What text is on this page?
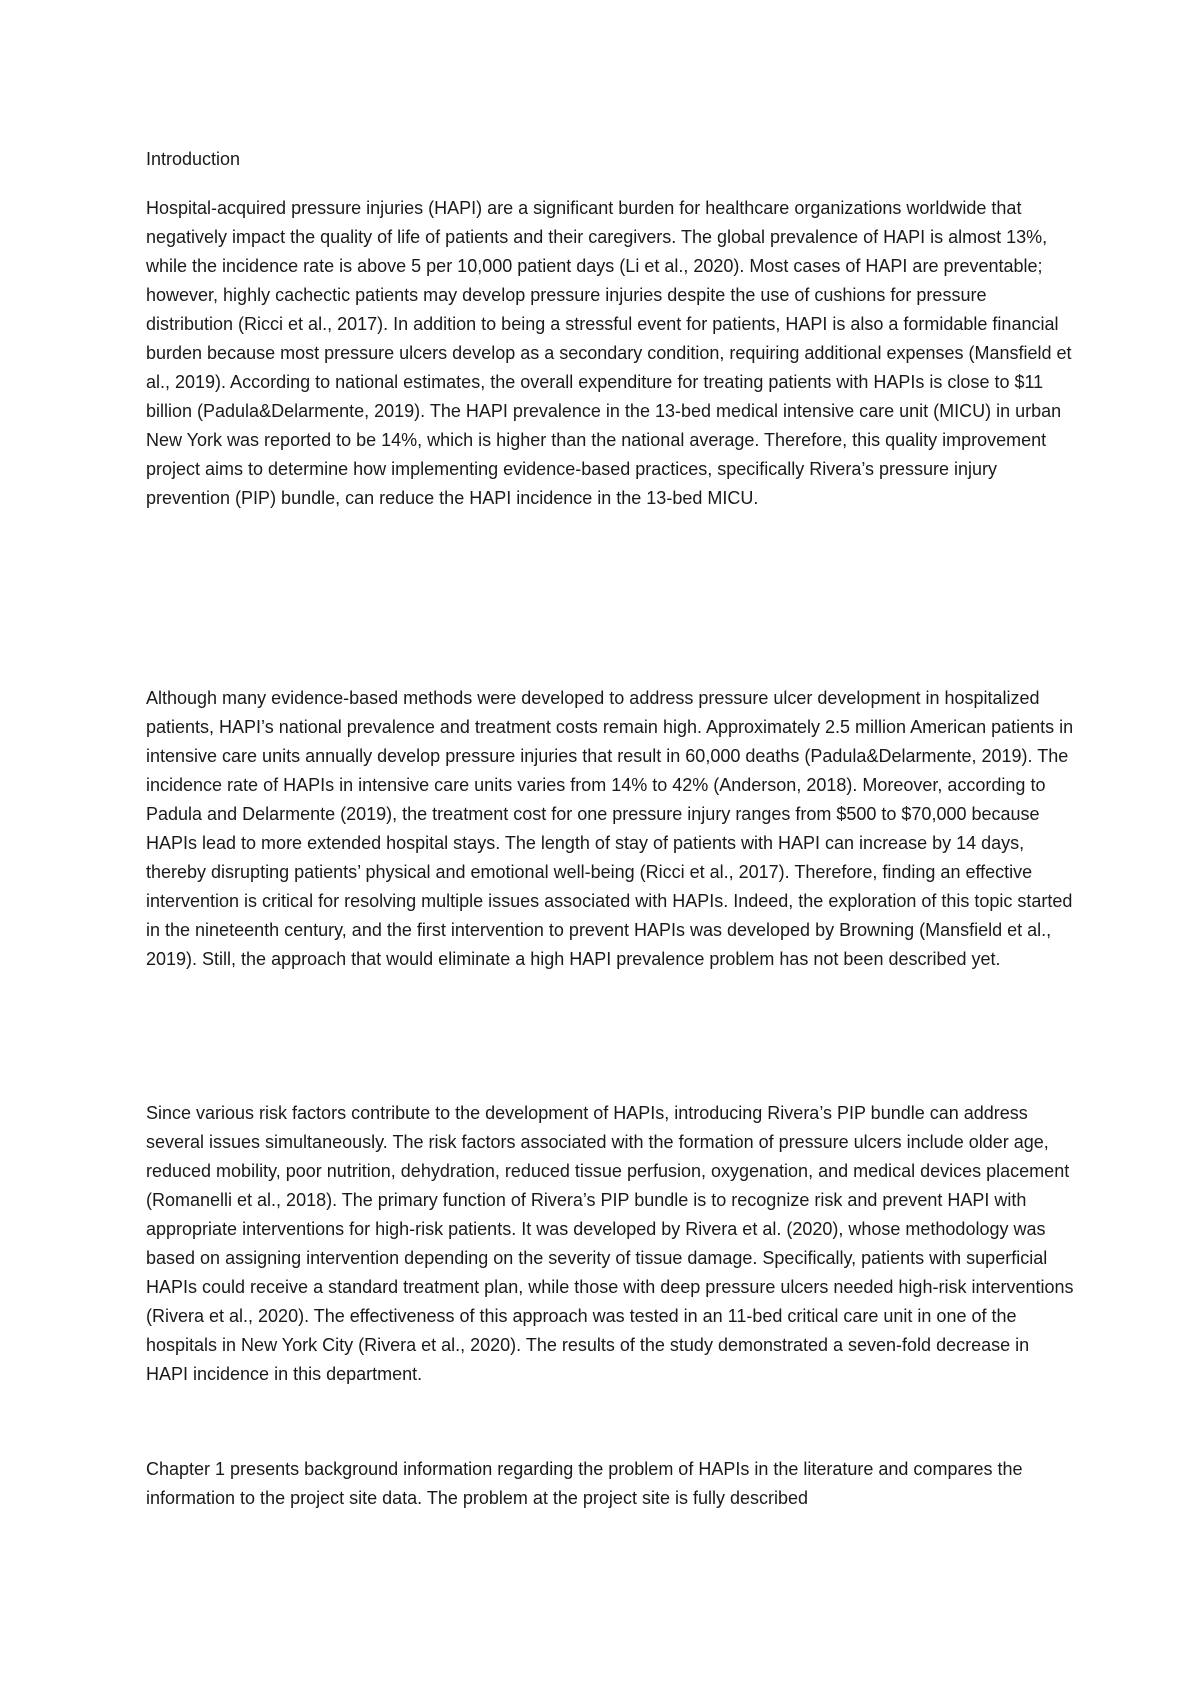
Introduction

Hospital-acquired pressure injuries (HAPI) are a significant burden for healthcare organizations worldwide that negatively impact the quality of life of patients and their caregivers. The global prevalence of HAPI is almost 13%, while the incidence rate is above 5 per 10,000 patient days (Li et al., 2020). Most cases of HAPI are preventable; however, highly cachectic patients may develop pressure injuries despite the use of cushions for pressure distribution (Ricci et al., 2017). In addition to being a stressful event for patients, HAPI is also a formidable financial burden because most pressure ulcers develop as a secondary condition, requiring additional expenses (Mansfield et al., 2019). According to national estimates, the overall expenditure for treating patients with HAPIs is close to $11 billion (Padula&Delarmente, 2019). The HAPI prevalence in the 13-bed medical intensive care unit (MICU) in urban New York was reported to be 14%, which is higher than the national average. Therefore, this quality improvement project aims to determine how implementing evidence-based practices, specifically Rivera’s pressure injury prevention (PIP) bundle, can reduce the HAPI incidence in the 13-bed MICU.

Although many evidence-based methods were developed to address pressure ulcer development in hospitalized patients, HAPI’s national prevalence and treatment costs remain high. Approximately 2.5 million American patients in intensive care units annually develop pressure injuries that result in 60,000 deaths (Padula&Delarmente, 2019). The incidence rate of HAPIs in intensive care units varies from 14% to 42% (Anderson, 2018). Moreover, according to Padula and Delarmente (2019), the treatment cost for one pressure injury ranges from $500 to $70,000 because HAPIs lead to more extended hospital stays. The length of stay of patients with HAPI can increase by 14 days, thereby disrupting patients’ physical and emotional well-being (Ricci et al., 2017). Therefore, finding an effective intervention is critical for resolving multiple issues associated with HAPIs. Indeed, the exploration of this topic started in the nineteenth century, and the first intervention to prevent HAPIs was developed by Browning (Mansfield et al., 2019). Still, the approach that would eliminate a high HAPI prevalence problem has not been described yet.

Since various risk factors contribute to the development of HAPIs, introducing Rivera’s PIP bundle can address several issues simultaneously. The risk factors associated with the formation of pressure ulcers include older age, reduced mobility, poor nutrition, dehydration, reduced tissue perfusion, oxygenation, and medical devices placement (Romanelli et al., 2018). The primary function of Rivera’s PIP bundle is to recognize risk and prevent HAPI with appropriate interventions for high-risk patients. It was developed by Rivera et al. (2020), whose methodology was based on assigning intervention depending on the severity of tissue damage. Specifically, patients with superficial HAPIs could receive a standard treatment plan, while those with deep pressure ulcers needed high-risk interventions (Rivera et al., 2020). The effectiveness of this approach was tested in an 11-bed critical care unit in one of the hospitals in New York City (Rivera et al., 2020). The results of the study demonstrated a seven-fold decrease in HAPI incidence in this department.

Chapter 1 presents background information regarding the problem of HAPIs in the literature and compares the information to the project site data. The problem at the project site is fully described
